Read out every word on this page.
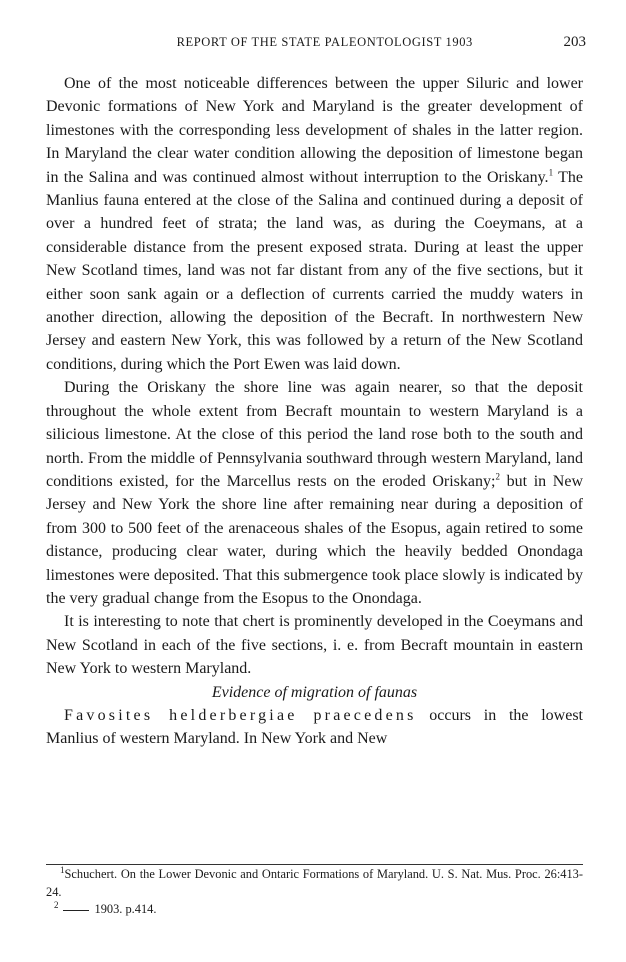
REPORT OF THE STATE PALEONTOLOGIST 1903	203

One of the most noticeable differences between the upper Siluric and lower Devonic formations of New York and Maryland is the greater development of limestones with the corresponding less development of shales in the latter region. In Maryland the clear water condition allowing the deposition of limestone began in the Salina and was continued almost without interruption to the Oriskany.$^1$ The Manlius fauna entered at the close of the Salina and continued during a deposit of over a hundred feet of strata; the land was, as during the Coeymans, at a considerable distance from the present exposed strata. During at least the upper New Scotland times, land was not far distant from any of the five sections, but it either soon sank again or a deflection of currents carried the muddy waters in another direction, allowing the deposition of the Becraft. In northwestern New Jersey and eastern New York, this was followed by a return of the New Scotland conditions, during which the Port Ewen was laid down.

During the Oriskany the shore line was again nearer, so that the deposit throughout the whole extent from Becraft mountain to western Maryland is a silicious limestone. At the close of this period the land rose both to the south and north. From the middle of Pennsylvania southward through western Maryland, land conditions existed, for the Marcellus rests on the eroded Oriskany;$^2$ but in New Jersey and New York the shore line after remaining near during a deposition of from 300 to 500 feet of the arenaceous shales of the Esopus, again retired to some distance, producing clear water, during which the heavily bedded Onondaga limestones were deposited. That this submergence took place slowly is indicated by the very gradual change from the Esopus to the Onondaga.

It is interesting to note that chert is prominently developed in the Coeymans and New Scotland in each of the five sections, i. e. from Becraft mountain in eastern New York to western Maryland.

Evidence of migration of faunas

Favosites helderbergiae praecedens occurs in the lowest Manlius of western Maryland. In New York and New

$^1$Schuchert. On the Lower Devonic and Ontaric Formations of Maryland. U. S. Nat. Mus. Proc. 26:413-24.

$^2$	1903. p.414.
